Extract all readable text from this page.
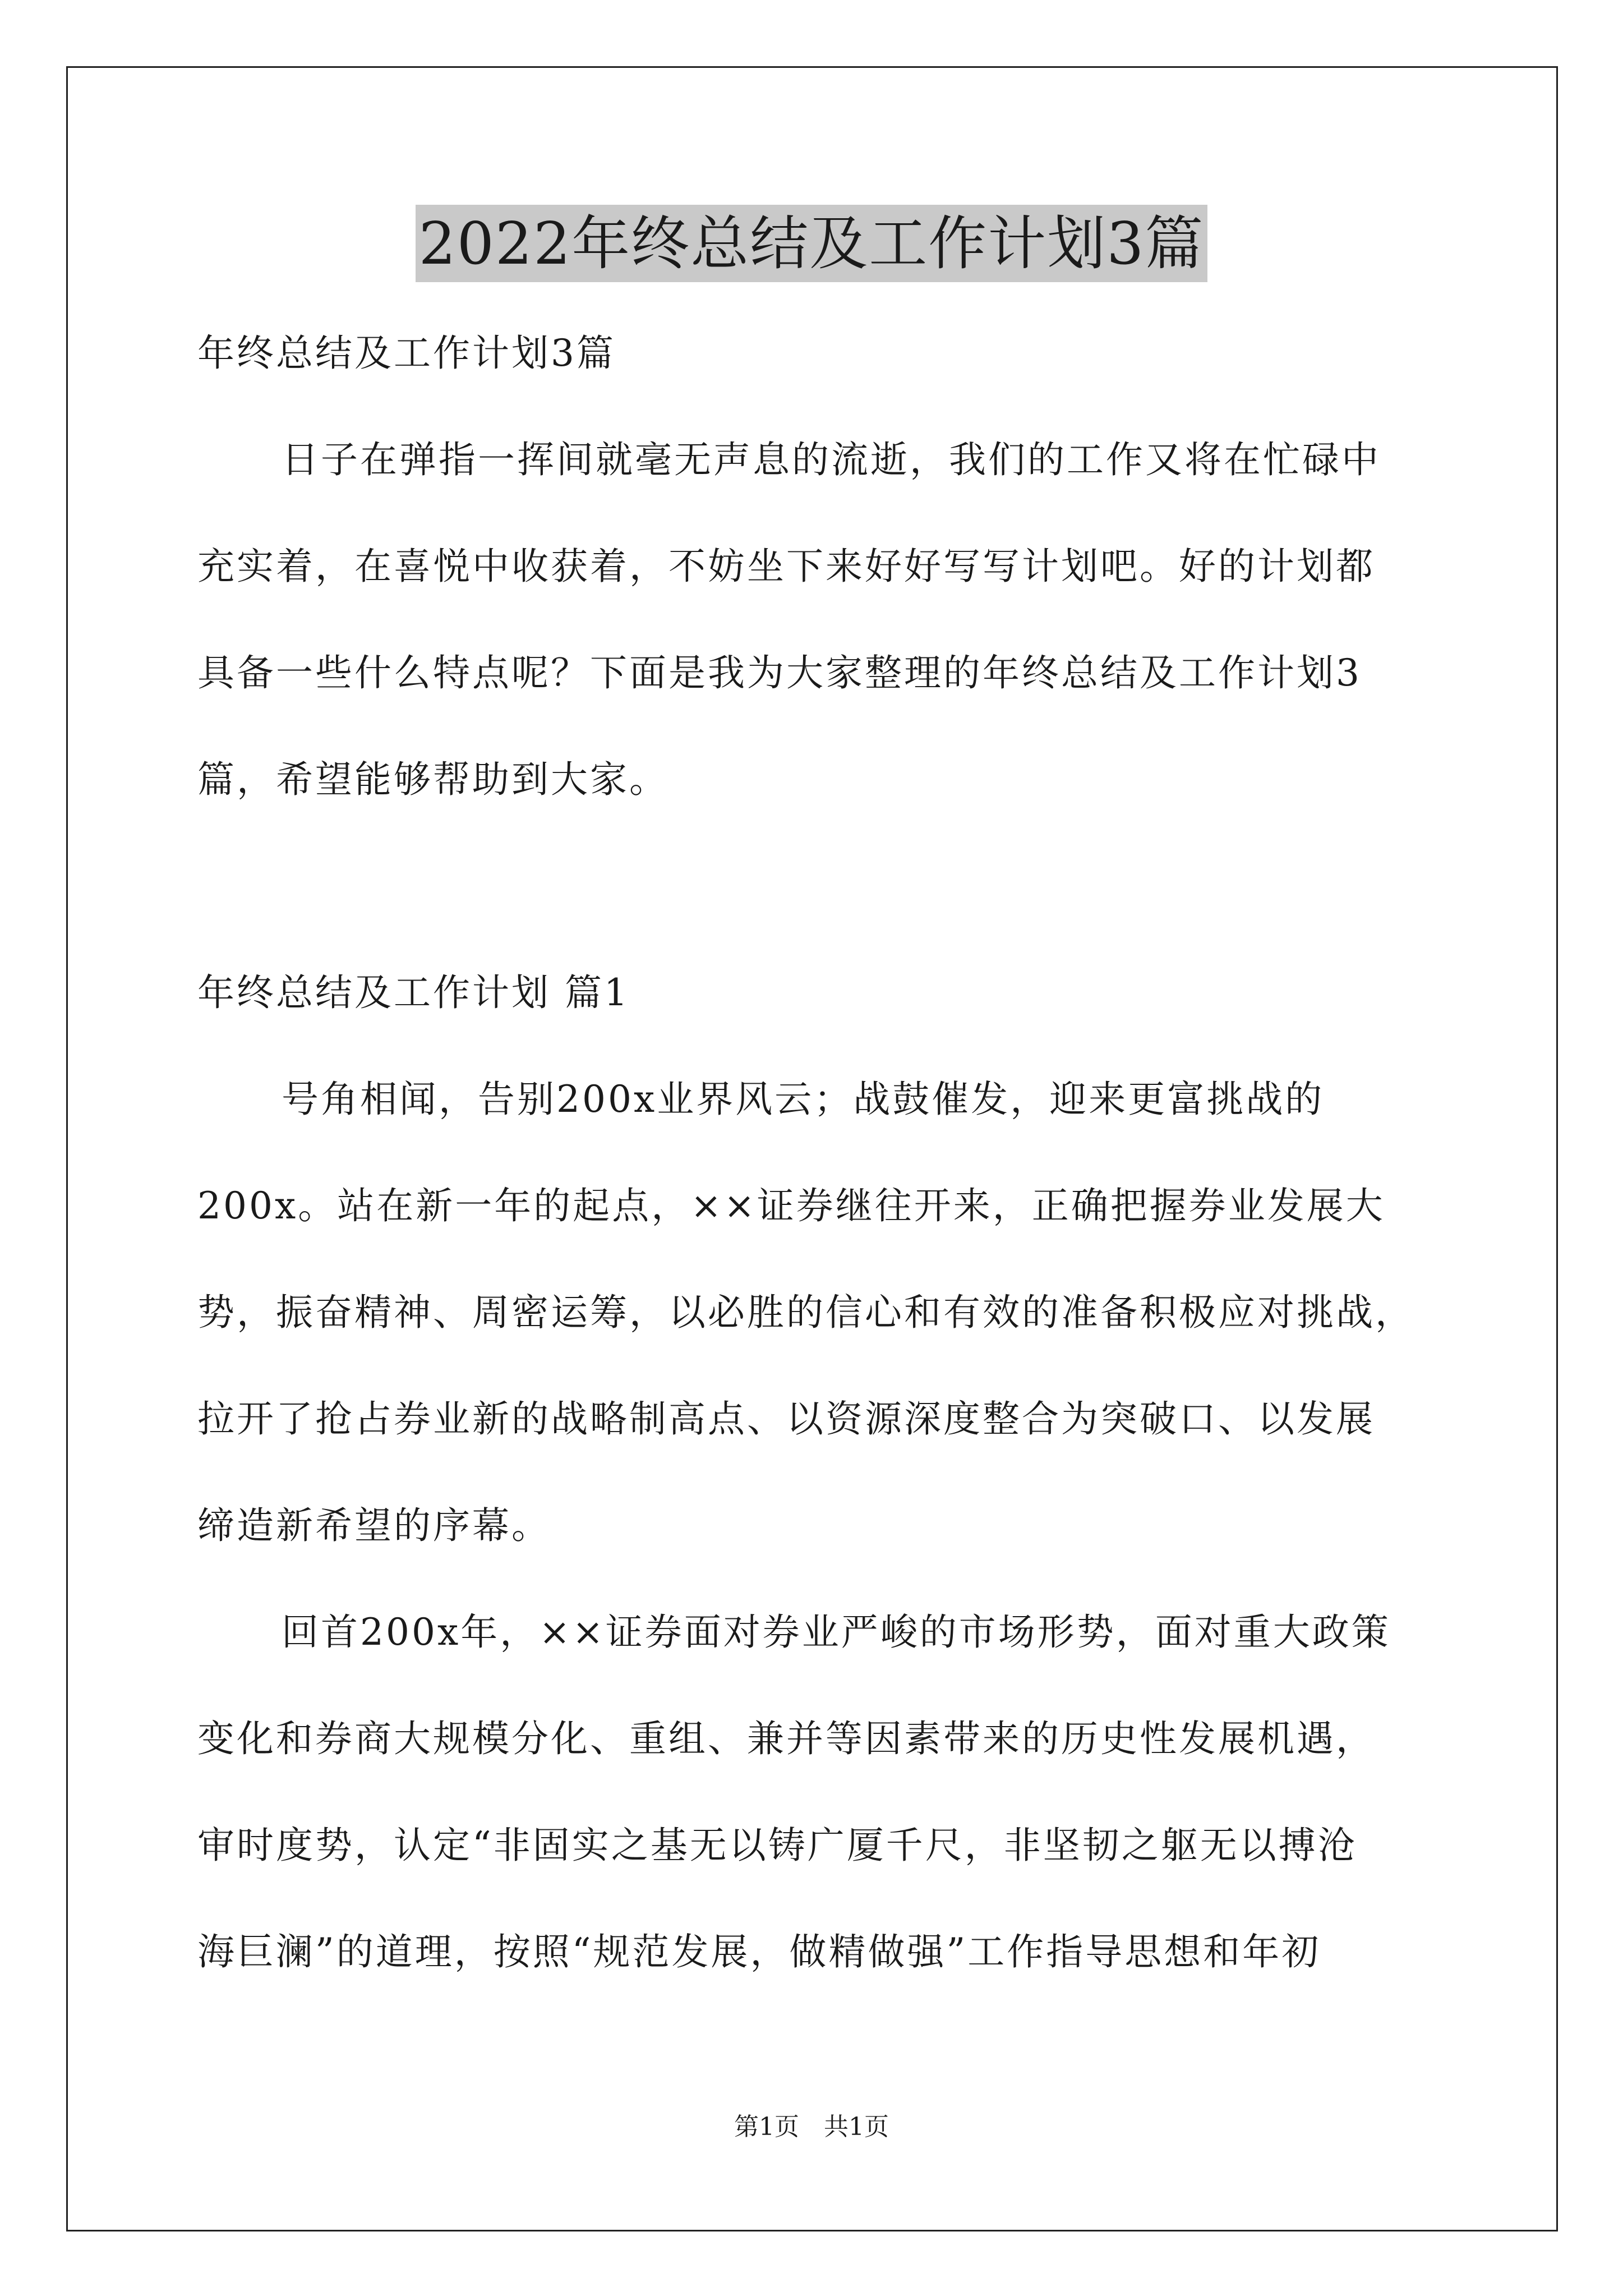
2022年终总结及工作计划3篇
年终总结及工作计划3篇
日子在弹指一挥间就毫无声息的流逝，我们的工作又将在忙碌中
充实着，在喜悦中收获着，不妨坐下来好好写写计划吧。好的计划都
具备一些什么特点呢？下面是我为大家整理的年终总结及工作计划3
篇，希望能够帮助到大家。
年终总结及工作计划 篇1
号角相闻，告别200x业界风云；战鼓催发，迎来更富挑战的
200x。站在新一年的起点，××证券继往开来，正确把握券业发展大
势，振奋精神、周密运筹，以必胜的信心和有效的准备积极应对挑战，
拉开了抢占券业新的战略制高点、以资源深度整合为突破口、以发展
缔造新希望的序幕。
回首200x年，××证券面对券业严峻的市场形势，面对重大政策
变化和券商大规模分化、重组、兼并等因素带来的历史性发展机遇，
审时度势，认定“非固实之基无以铸广厦千尺，非坚韧之躯无以搏沧
海巨澜”的道理，按照“规范发展，做精做强”工作指导思想和年初
第1页　共1页
